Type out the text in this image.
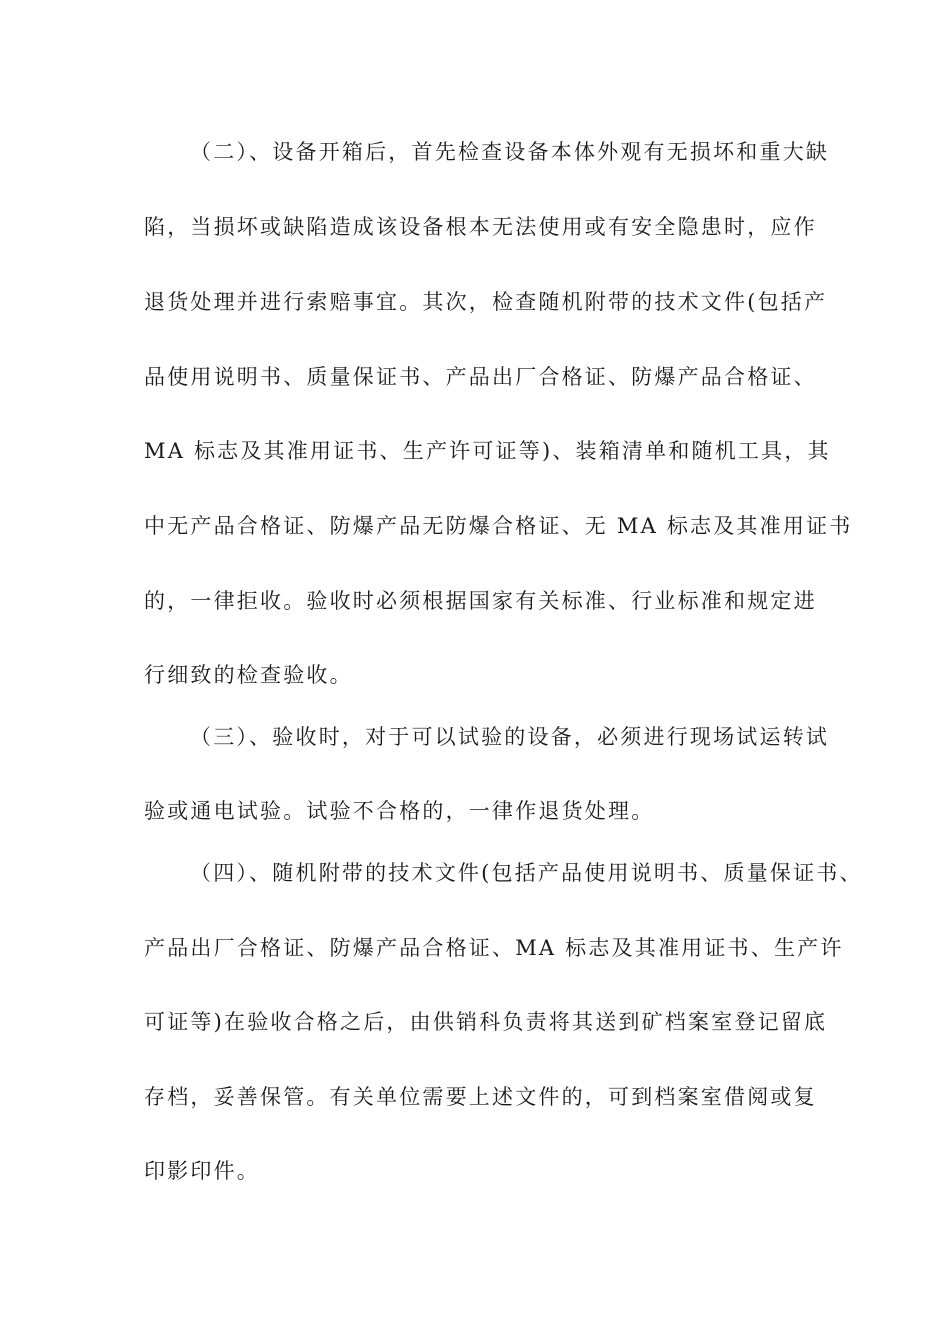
（二）、设备开箱后，首先检查设备本体外观有无损坏和重大缺
陷，当损坏或缺陷造成该设备根本无法使用或有安全隐患时，应作
退货处理并进行索赔事宜。其次，检查随机附带的技术文件(包括产
品使用说明书、质量保证书、产品出厂合格证、防爆产品合格证、
MA 标志及其准用证书、生产许可证等)、装箱清单和随机工具，其
中无产品合格证、防爆产品无防爆合格证、无 MA 标志及其准用证书
的，一律拒收。验收时必须根据国家有关标准、行业标准和规定进
行细致的检查验收。
（三）、验收时，对于可以试验的设备，必须进行现场试运转试
验或通电试验。试验不合格的，一律作退货处理。
（四）、随机附带的技术文件(包括产品使用说明书、质量保证书、
产品出厂合格证、防爆产品合格证、MA 标志及其准用证书、生产许
可证等)在验收合格之后，由供销科负责将其送到矿档案室登记留底
存档，妥善保管。有关单位需要上述文件的，可到档案室借阅或复
印影印件。
